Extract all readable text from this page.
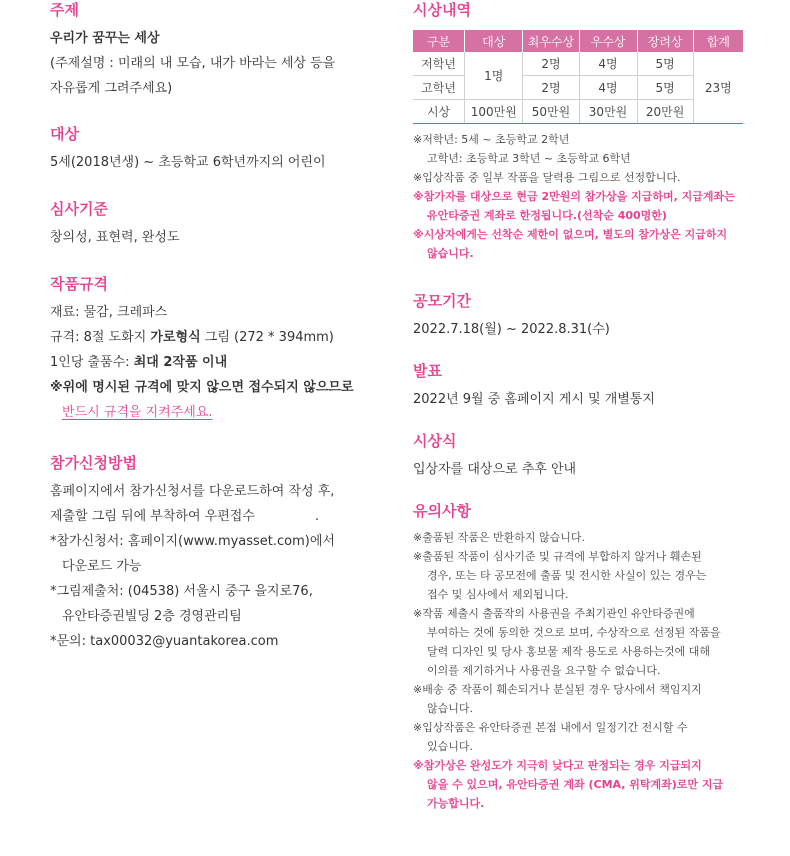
주제

우리가 꿈꾸는 세상

(주제설명 : 미래의 내 모습, 내가 바라는 세상 등을

자유롭게 그려주세요)

대상

5세(2018년생) ~ 초등학교 6학년까지의 어린이

심사기준

창의성, 표현력, 완성도

작품규격

재료: 물감, 크레파스

규격: 8절 도화지 가로형식 그림 (272 * 394mm)

1인당 출품수: 최대 2작품 이내

※위에 명시된 규격에 맞지 않으면 접수되지 않으므로

반드시 규격을 지켜주세요.

참가신청방법

홈페이지에서 참가신청서를 다운로드하여 작성 후,

제출할 그림 뒤에 부착하여 우편접수	.

*참가신청서: 홈페이지(www.myasset.com)에서

다운로드 가능

*그림제출처: (04538) 서울시 중구 을지로76,

유안타증권빌딩 2층 경영관리팀

*문의: tax00032@yuantakorea.com

시상내역

구분	대상	최우수상	우수상	장려상	합계
저학년	1명	2명	4명	5명	23명
고학년		2명	4명	5명	
시상	100만원	50만원	30만원	20만원	

※저학년: 5세 ~ 초등학교 2학년

고학년: 초등학교 3학년 ~ 초등학교 6학년

※입상작품 중 일부 작품을 달력용 그림으로 선정합니다.

※참가자를 대상으로 현금 2만원의 참가상을 지급하며, 지급계좌는

유안타증권 계좌로 한정됩니다.(선착순 400명한)

※시상자에게는 선착순 제한이 없으며, 별도의 참가상은 지급하지

않습니다.

공모기간

2022.7.18(월) ~ 2022.8.31(수)

발표

2022년 9월 중 홈페이지 게시 및 개별통지

시상식

입상자를 대상으로 추후 안내

유의사항

※출품된 작품은 반환하지 않습니다.

※출품된 작품이 심사기준 및 규격에 부합하지 않거나 훼손된

경우, 또는 타 공모전에 출품 및 전시한 사실이 있는 경우는

접수 및 심사에서 제외됩니다.

※작품 제출시 출품작의 사용권을 주최기관인 유안타증권에

부여하는 것에 동의한 것으로 보며, 수상작으로 선정된 작품을

달력 디자인 및 당사 홍보물 제작 용도로 사용하는것에 대해

이의를 제기하거나 사용권을 요구할 수 없습니다.

※배송 중 작품이 훼손되거나 분실된 경우 당사에서 책임지지

않습니다.

※입상작품은 유안타증권 본점 내에서 일정기간 전시할 수

있습니다.

※참가상은 완성도가 지극히 낮다고 판정되는 경우 지급되지

않을 수 있으며, 유안타증권 계좌 (CMA, 위탁계좌)로만 지급

가능합니다.
